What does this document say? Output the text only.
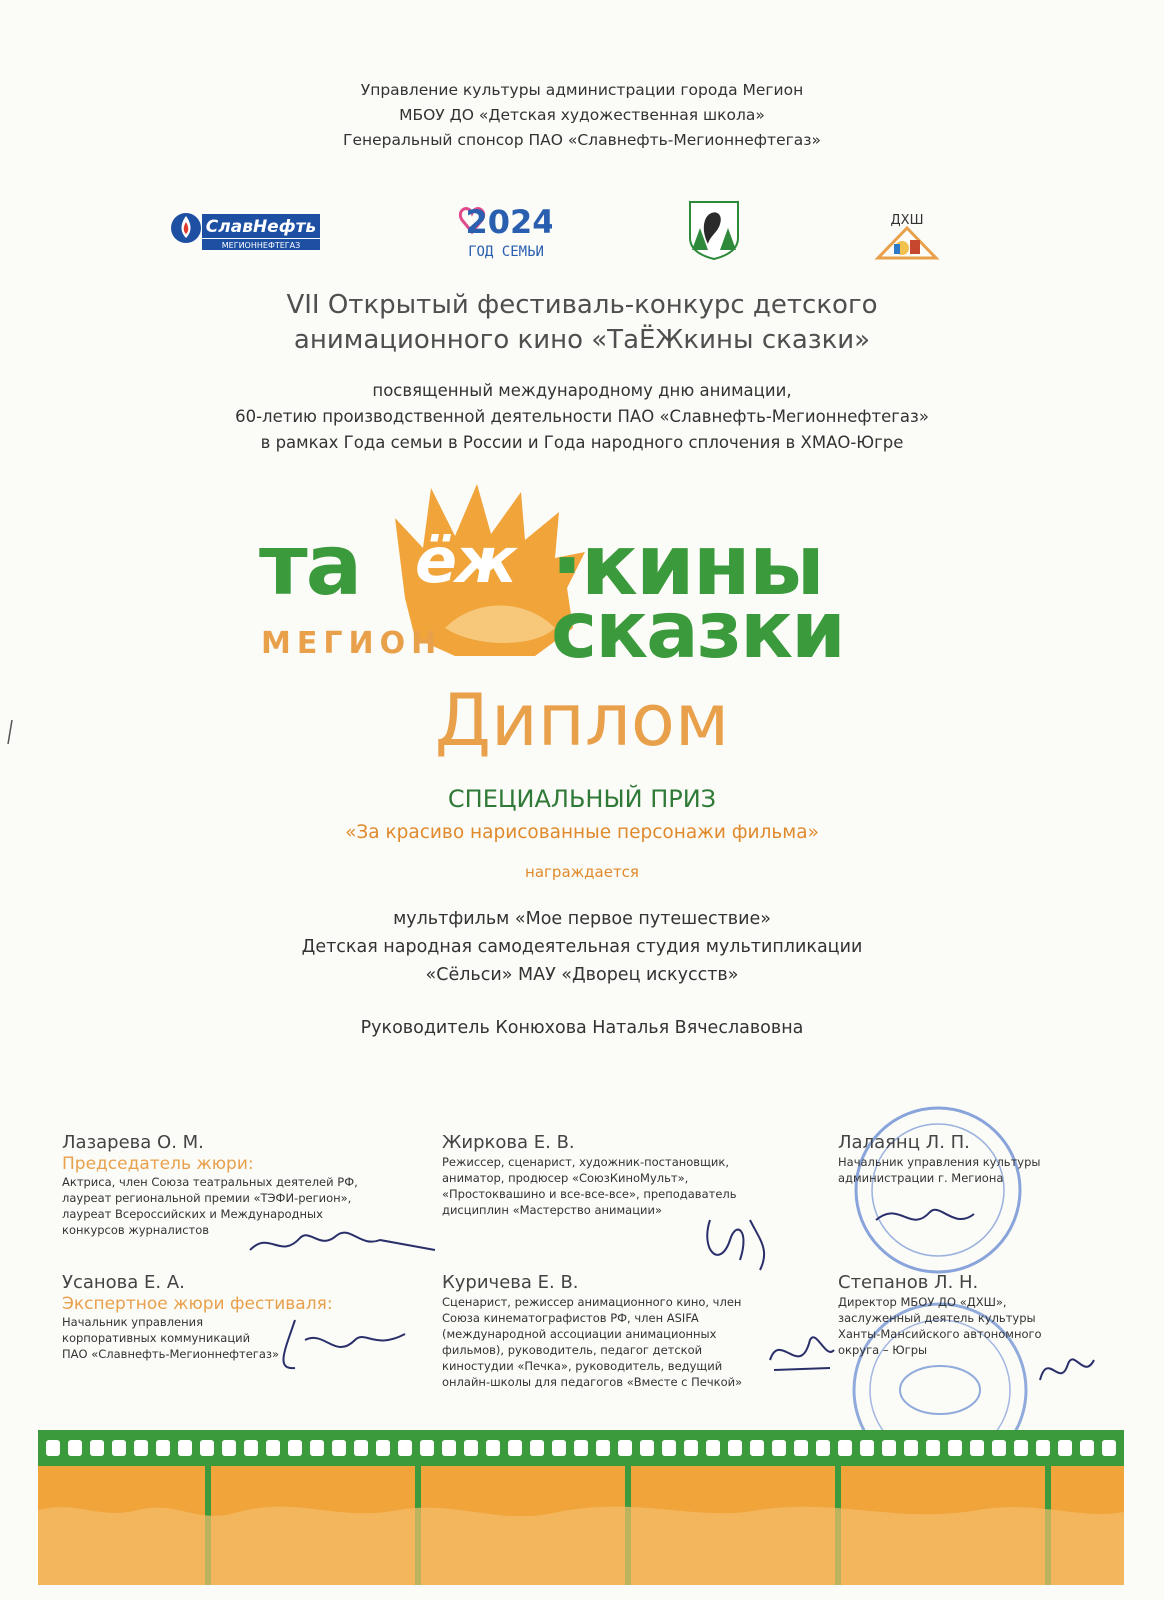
Управление культуры администрации города Мегион
МБОУ ДО «Детская художественная школа»
Генеральный спонсор ПАО «Славнефть-Мегионнефтегаз»
СлавНефть
МЕГИОННЕФТЕГАЗ
2024
ГОД СЕМЬИ
ДХШ
VII Открытый фестиваль-конкурс детского
анимационного кино «ТаЁЖкины сказки»
посвященный международному дню анимации,
60-летию производственной деятельности ПАО «Славнефть-Мегионнефтегаз»
в рамках Года семьи в России и Года народного сплочения в ХМАО-Югре
та ёж ·кины
сказки
МЕГИОН
Диплом
СПЕЦИАЛЬНЫЙ ПРИЗ
«За красиво нарисованные персонажи фильма»
награждается
мультфильм «Мое первое путешествие»
Детская народная самодеятельная студия мультипликации
«Сёльси» МАУ «Дворец искусств»
Руководитель Конюхова Наталья Вячеславовна
Лазарева О. М.
Председатель жюри:
Актриса, член Союза театральных деятелей РФ,
лауреат региональной премии «ТЭФИ-регион»,
лауреат Всероссийских и Международных
конкурсов журналистов
Жиркова Е. В.
Режиссер, сценарист, художник-постановщик,
аниматор, продюсер «СоюзКиноМульт»,
«Простоквашино и все-все-все», преподаватель
дисциплин «Мастерство анимации»
Лалаянц Л. П.
Начальник управления культуры
администрации г. Мегиона
Усанова Е. А.
Экспертное жюри фестиваля:
Начальник управления
корпоративных коммуникаций
ПАО «Славнефть-Мегионнефтегаз»
Куричева Е. В.
Сценарист, режиссер анимационного кино, член
Союза кинематографистов РФ, член ASIFA
(международной ассоциации анимационных
фильмов), руководитель, педагог детской
киностудии «Печка», руководитель, ведущий
онлайн-школы для педагогов «Вместе с Печкой»
Степанов Л. Н.
Директор МБОУ ДО «ДХШ»,
заслуженный деятель культуры
Ханты-Мансийского автономного
округа – Югры
